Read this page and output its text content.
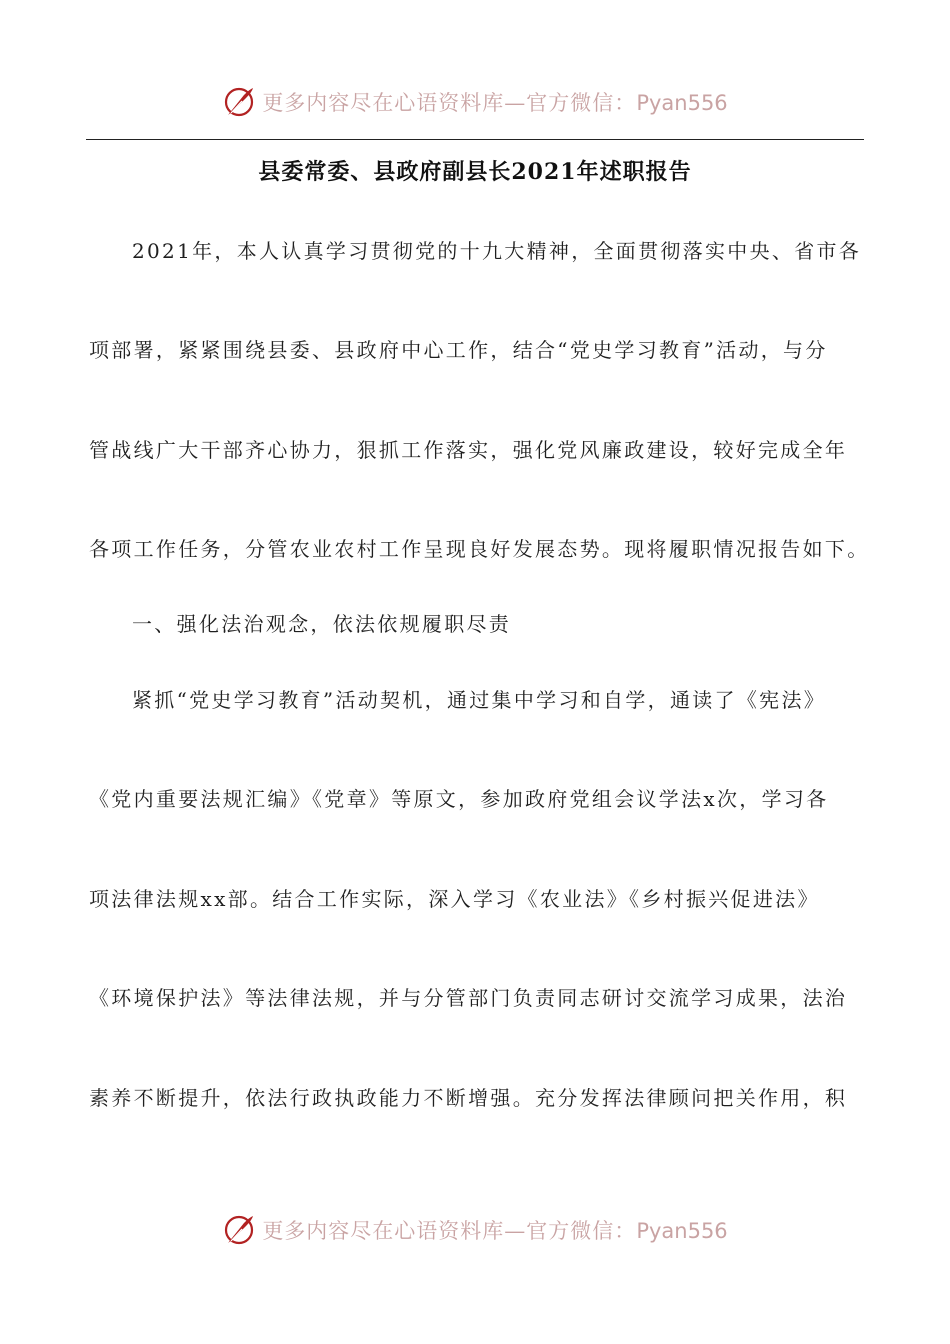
更多内容尽在心语资料库—官方微信：Pyan556
县委常委、县政府副县长2021年述职报告
2021年，本人认真学习贯彻党的十九大精神，全面贯彻落实中央、省市各
项部署，紧紧围绕县委、县政府中心工作，结合“党史学习教育”活动，与分
管战线广大干部齐心协力，狠抓工作落实，强化党风廉政建设，较好完成全年
各项工作任务，分管农业农村工作呈现良好发展态势。现将履职情况报告如下。
一、强化法治观念，依法依规履职尽责
紧抓“党史学习教育”活动契机，通过集中学习和自学，通读了《宪法》
《党内重要法规汇编》《党章》等原文，参加政府党组会议学法x次，学习各
项法律法规xx部。结合工作实际，深入学习《农业法》《乡村振兴促进法》
《环境保护法》等法律法规，并与分管部门负责同志研讨交流学习成果，法治
素养不断提升，依法行政执政能力不断增强。充分发挥法律顾问把关作用，积
更多内容尽在心语资料库—官方微信：Pyan556
